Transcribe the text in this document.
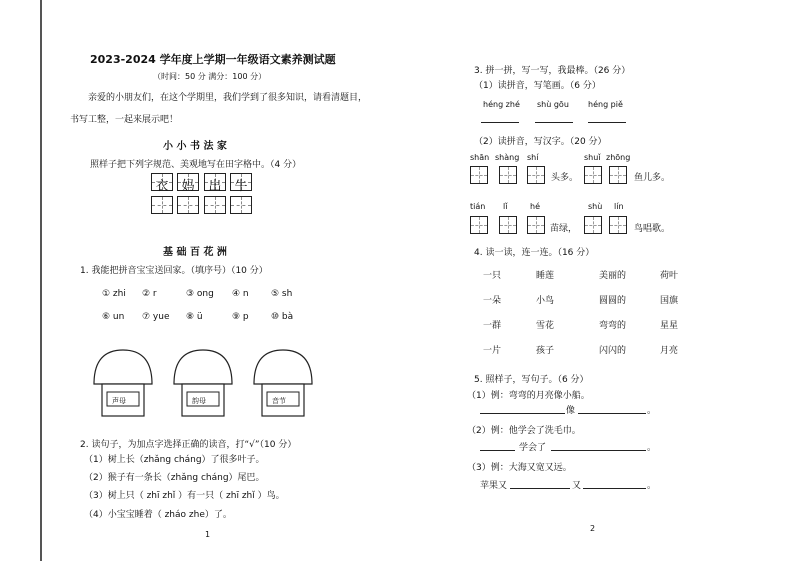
2023-2024 学年度上学期一年级语文素养测试题
（时间：50 分 满分：100 分）
亲爱的小朋友们，在这个学期里，我们学到了很多知识，请看清题目，
书写工整，一起来展示吧！
小 小 书 法 家
照样子把下列字规范、美观地写在田字格中。（4 分）
衣 妈 出 牛
基 础 百 花 洲
1. 我能把拼音宝宝送回家。（填序号）（10 分）
① zhi ② r	③ ong ④ n ⑤ sh
⑥ un ⑦ yue ⑧ ü	⑨ p ⑩ bà
声母	韵母	音节
2. 读句子，为加点字选择正确的读音，打“√”（10 分）
（1）树上长（zhǎng cháng）了很多叶子。
（2）猴子有一条长（zhǎng cháng）尾巴。
（3）树上只（ zhī zhǐ ）有一只（ zhī zhǐ ）鸟。
（4）小宝宝睡着（ zháo zhe）了。
1
3. 拼一拼，写一写，我最棒。（26 分）
（1）读拼音，写笔画。（6 分）
héng zhé shù gōu héng piě
（2）读拼音，写汉字。（20 分）
shān shàng shí	shuǐ zhōng
头多。	鱼儿多。
tián lǐ	hé	shù lín
苗绿，	鸟唱歌。
4. 读一读，连一连。（16 分）
一只	睡莲	美丽的	荷叶
一朵	小鸟	圆圆的	国旗
一群	雪花	弯弯的	星星
一片	孩子	闪闪的	月亮
5. 照样子，写句子。（6 分）
（1）例：弯弯的月亮像小船。
像	。
（2）例：他学会了洗毛巾。
学会了	。
（3）例：大海又宽又远。
苹果又	又	。
2
